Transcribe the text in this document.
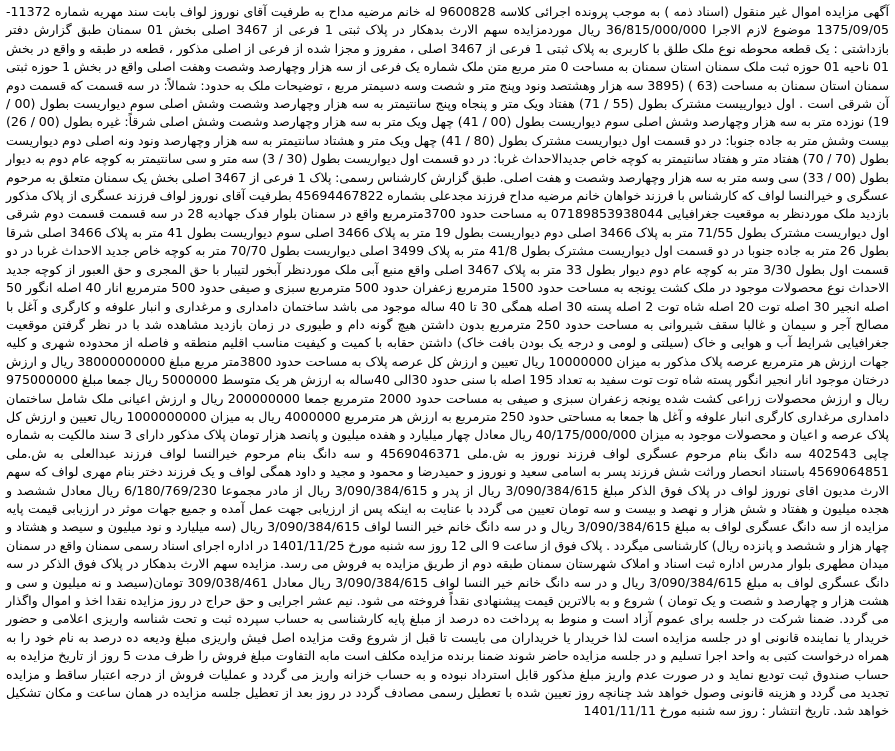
آگهی مزایده اموال غیر منقول (اسناد ذمه ) به موجب پرونده اجرائی کلاسه 9600828 له خانم مرضیه مداح به طرفیت آقای نوروز لواف بابت سند مهریه شماره 11372- 1375/09/05 موضوع لازم الاجرا 36/815/000/000 ریال موردمزایده سهم الارث بدهکار در پلاک ثبتی 1 فرعی از 3467 اصلی بخش 01 سمنان طبق گزارش دفتر بازداشتی : یک قطعه محوطه نوع ملک طلق با کاربری به پلاک ثبتی 1 فرعی از 3467 اصلی ، مفروز و مجزا شده از فرعی از اصلی مذکور ، قطعه در طبقه و واقع در بخش 01 ناحیه 01 حوزه ثبت ملک سمنان استان سمنان به مساحت 0 متر مربع متن ملک شماره یک فرعی از سه هزار وچهارصد وشصت وهفت اصلی واقع در بخش 1 حوزه ثبتی سمنان استان سمنان به مساحت (63 ) (3895 سه هزار وهشتصد ونود وپنج متر و شصت وسه دسیمتر مربع ، توضیحات ملک به حدود: شمالاً: در سه قسمت که قسمت دوم آن شرقی است . اول دیوارییست مشترک بطول (55 / 71) هفتاد ویک متر و پنجاه وپنج سانتیمتر به سه هزار وچهارصد وشصت وشش اصلی سوم دیواریست بطول (00 / 19) نوزده متر به سه هزار وچهارصد وشش اصلی سوم دیواریست بطول (00 / 41) چهل ویک متر به سه هزار وچهارصد وشصت وشش اصلی شرقاً: غیره بطول (00 / 26) بیست وشش متر به جاده جنوبا: در دو قسمت اول دیواریست مشترک بطول (80 / 41) چهل ویک متر و هشتاد سانتیمتر به سه هزار وچهارصد ونود ونه اصلی دوم دیواریست بطول (70 / 70) هفتاد متر و هفتاد سانتیمتر به کوچه خاص جدیدالاحداث غربا: در دو قسمت اول دیواریست بطول (30 / 3) سه متر و سی سانتیمتر به کوچه عام دوم به دیوار بطول (00 / 33) سی وسه متر به سه هزار وچهارصد وشصت و هفت اصلی. طبق گزارش کارشناس رسمی: پلاک 1 فرعی از 3467 اصلی بخش یک سمنان متعلق به مرحوم عسگری و خیرالنسا لواف که کارشناس با فرزند خواهان خانم مرضیه مداح فرزند مجدعلی بشماره 45694467822 بطرفیت آقای نوروز لواف فرزند عسگری از پلاک مذکور بازدید ملک موردنظر به موقعیت جغرافیایی 07189853938044 به مساحت حدود 3700مترمربع واقع در سمنان بلوار فدک جهادیه 28 در سه قسمت قسمت دوم شرقی اول دیواریست مشترک بطول 71/55 متر به پلاک 3466 اصلی دوم دیواریست بطول 19 متر به پلاک 3466 اصلی سوم دیواریست بطول 41 متر به پلاک 3466 اصلی شرقا بطول 26 متر به جاده جنوبا در دو قسمت اول دیواریست مشترک بطول 41/8 متر به پلاک 3499 اصلی دیواریست بطول 70/70 متر به کوچه خاص جدید الاحداث غربا در دو قسمت اول بطول 3/30 متر به کوچه عام دوم دیوار بطول 33 متر به پلاک 3467 اصلی واقع منبع آبی ملک موردنظر آبخور لتیبار با حق المجری و حق العبور از کوچه جدید الاحداث نوع محصولات موجود در ملک کشت یونجه به مساحت حدود 1500 مترمربع زعفران حدود 500 مترمربع سبزی و صیفی حدود 500 مترمربع انار 40 اصله انگور 50 اصله انجیر 30 اصله توت 20 اصله شاه توت 2 اصله پسته 30 اصله همگی 30 تا 40 ساله موجود می باشد ساختمان دامداری و مرغداری و انبار علوفه و کارگری و آغل با مصالح آجر و سیمان و غالبا سقف شیروانی به مساحت حدود 250 مترمربع بدون داشتن هیچ گونه دام و طیوری در زمان بازدید مشاهده شد با در نظر گرفتن موقعیت جغرافیایی شرایط آب و هوایی و خاک (سیلتی و لومی و درجه یک بودن بافت خاک) داشتن حقابه با کمیت و کیفیت مناسب اقلیم منطقه و فاصله از محدوده شهری و کلیه جهات ارزش هر مترمربع عرصه پلاک مذکور به میزان 10000000 ریال تعیین و ارزش کل عرصه پلاک به مساحت حدود 3800متر مربع مبلغ 38000000000 ریال و ارزش درختان موجود انار انجیر انگور پسته شاه توت توت سفید به تعداد 195 اصله با سنی حدود 30الی 40ساله به ارزش هر یک متوسط 5000000 ریال جمعا مبلغ 975000000 ریال و ارزش محصولات زراعی کشت شده یونجه زعفران سبزی و صیفی به مساحت حدود 2000 مترمربع جمعا 200000000 ریال و ارزش اعیانی ملک شامل ساختمان دامداری مرغداری کارگری انبار علوفه و آغل ها جمعا به مساحتی حدود 250 مترمربع به ارزش هر مترمربع 4000000 ریال به میزان 1000000000 ریال تعیین و ارزش کل پلاک عرصه و اعیان و محصولات موجود به میزان 40/175/000/000 ریال معادل چهار میلیارد و هفده میلیون و پانصد هزار تومان پلاک مذکور دارای 3 سند مالکیت به شماره چاپی 402543 سه دانگ بنام مرحوم عسگری لواف فرزند نوروز به ش.ملی 4569046371 و سه دانگ بنام مرحوم خیرالنسا لواف فرزند عبدالعلی به ش.ملی 4569064851 باستناد انحصار وراثت شش فرزند پسر به اسامی سعید و نوروز و حمیدرضا و محمود و مجید و داود همگی لواف و یک فرزند دختر بنام مهری لواف که سهم الارث مدیون اقای نوروز لواف در پلاک فوق الذکر مبلغ 3/090/384/615 ریال از پدر و 3/090/384/615 ریال از مادر مجموعا 6/180/769/230 ریال معادل ششصد و هجده میلیون و هفتاد و شش هزار و نهصد و بیست و سه تومان تعیین می گردد با عنایت به اینکه پس از ارزیابی جهت عمل آمده و جمیع جهات موثر در ارزیابی قیمت پایه مزایده از سه دانگ عسگری لواف به مبلغ 3/090/384/615 ریال و در سه دانگ خانم خیر النسا لواف 3/090/384/615 ریال (سه میلیارد و نود میلیون و سیصد و هشتاد و چهار هزار و ششصد و پانزده ریال) کارشناسی میگردد . پلاک فوق از ساعت 9 الی 12 روز سه شنبه مورخ 1401/11/25 در اداره اجرای اسناد رسمی سمنان واقع در سمنان میدان مطهری بلوار مدرس اداره ثبت اسناد و املاک شهرستان سمنان طبقه دوم از طریق مزایده به فروش می رسد. مزایده سهم الارث بدهکار در پلاک فوق الذکر در سه دانگ عسگری لواف به مبلغ 3/090/384/615 ریال و در سه دانگ خانم خیر النسا لواف 3/090/384/615 ریال معادل 309/038/461 تومان(سیصد و نه میلیون و سی و هشت هزار و چهارصد و شصت و یک تومان ) شروع و به بالاترین قیمت پیشنهادی نقداً فروخته می شود. نیم عشر اجرایی و حق حراج در روز مزایده نقدا اخذ و اموال واگذار می گردد. ضمنا شرکت در جلسه برای عموم آزاد است و منوط به پرداخت ده درصد از مبلغ پایه کارشناسی به حساب سپرده ثبت و تحت شناسه واریزی اعلامی و حضور خریدار یا نماینده قانونی او در جلسه مزایده است لذا خریدار یا خریداران می بایست تا قبل از شروع وقت مزایده اصل فیش واریزی مبلغ ودیعه ده درصد به نام خود را به همراه درخواست کتبی به واحد اجرا تسلیم و در جلسه مزایده حاضر شوند ضمنا برنده مزایده مکلف است مابه التفاوت مبلغ فروش را ظرف مدت 5 روز از تاریخ مزایده به حساب صندوق ثبت تودیع نماید و در صورت عدم واریز مبلغ مذکور قابل استرداد نبوده و به حساب خزانه واریز می گردد و عملیات فروش از درجه اعتبار ساقط و مزایده تجدید می گردد و هزینه قانونی وصول خواهد شد چنانچه روز تعیین شده با تعطیل رسمی مصادف گردد در روز بعد از تعطیل جلسه مزایده در همان ساعت و مکان تشکیل خواهد شد. تاریخ انتشار : روز سه شنبه مورخ 1401/11/11
